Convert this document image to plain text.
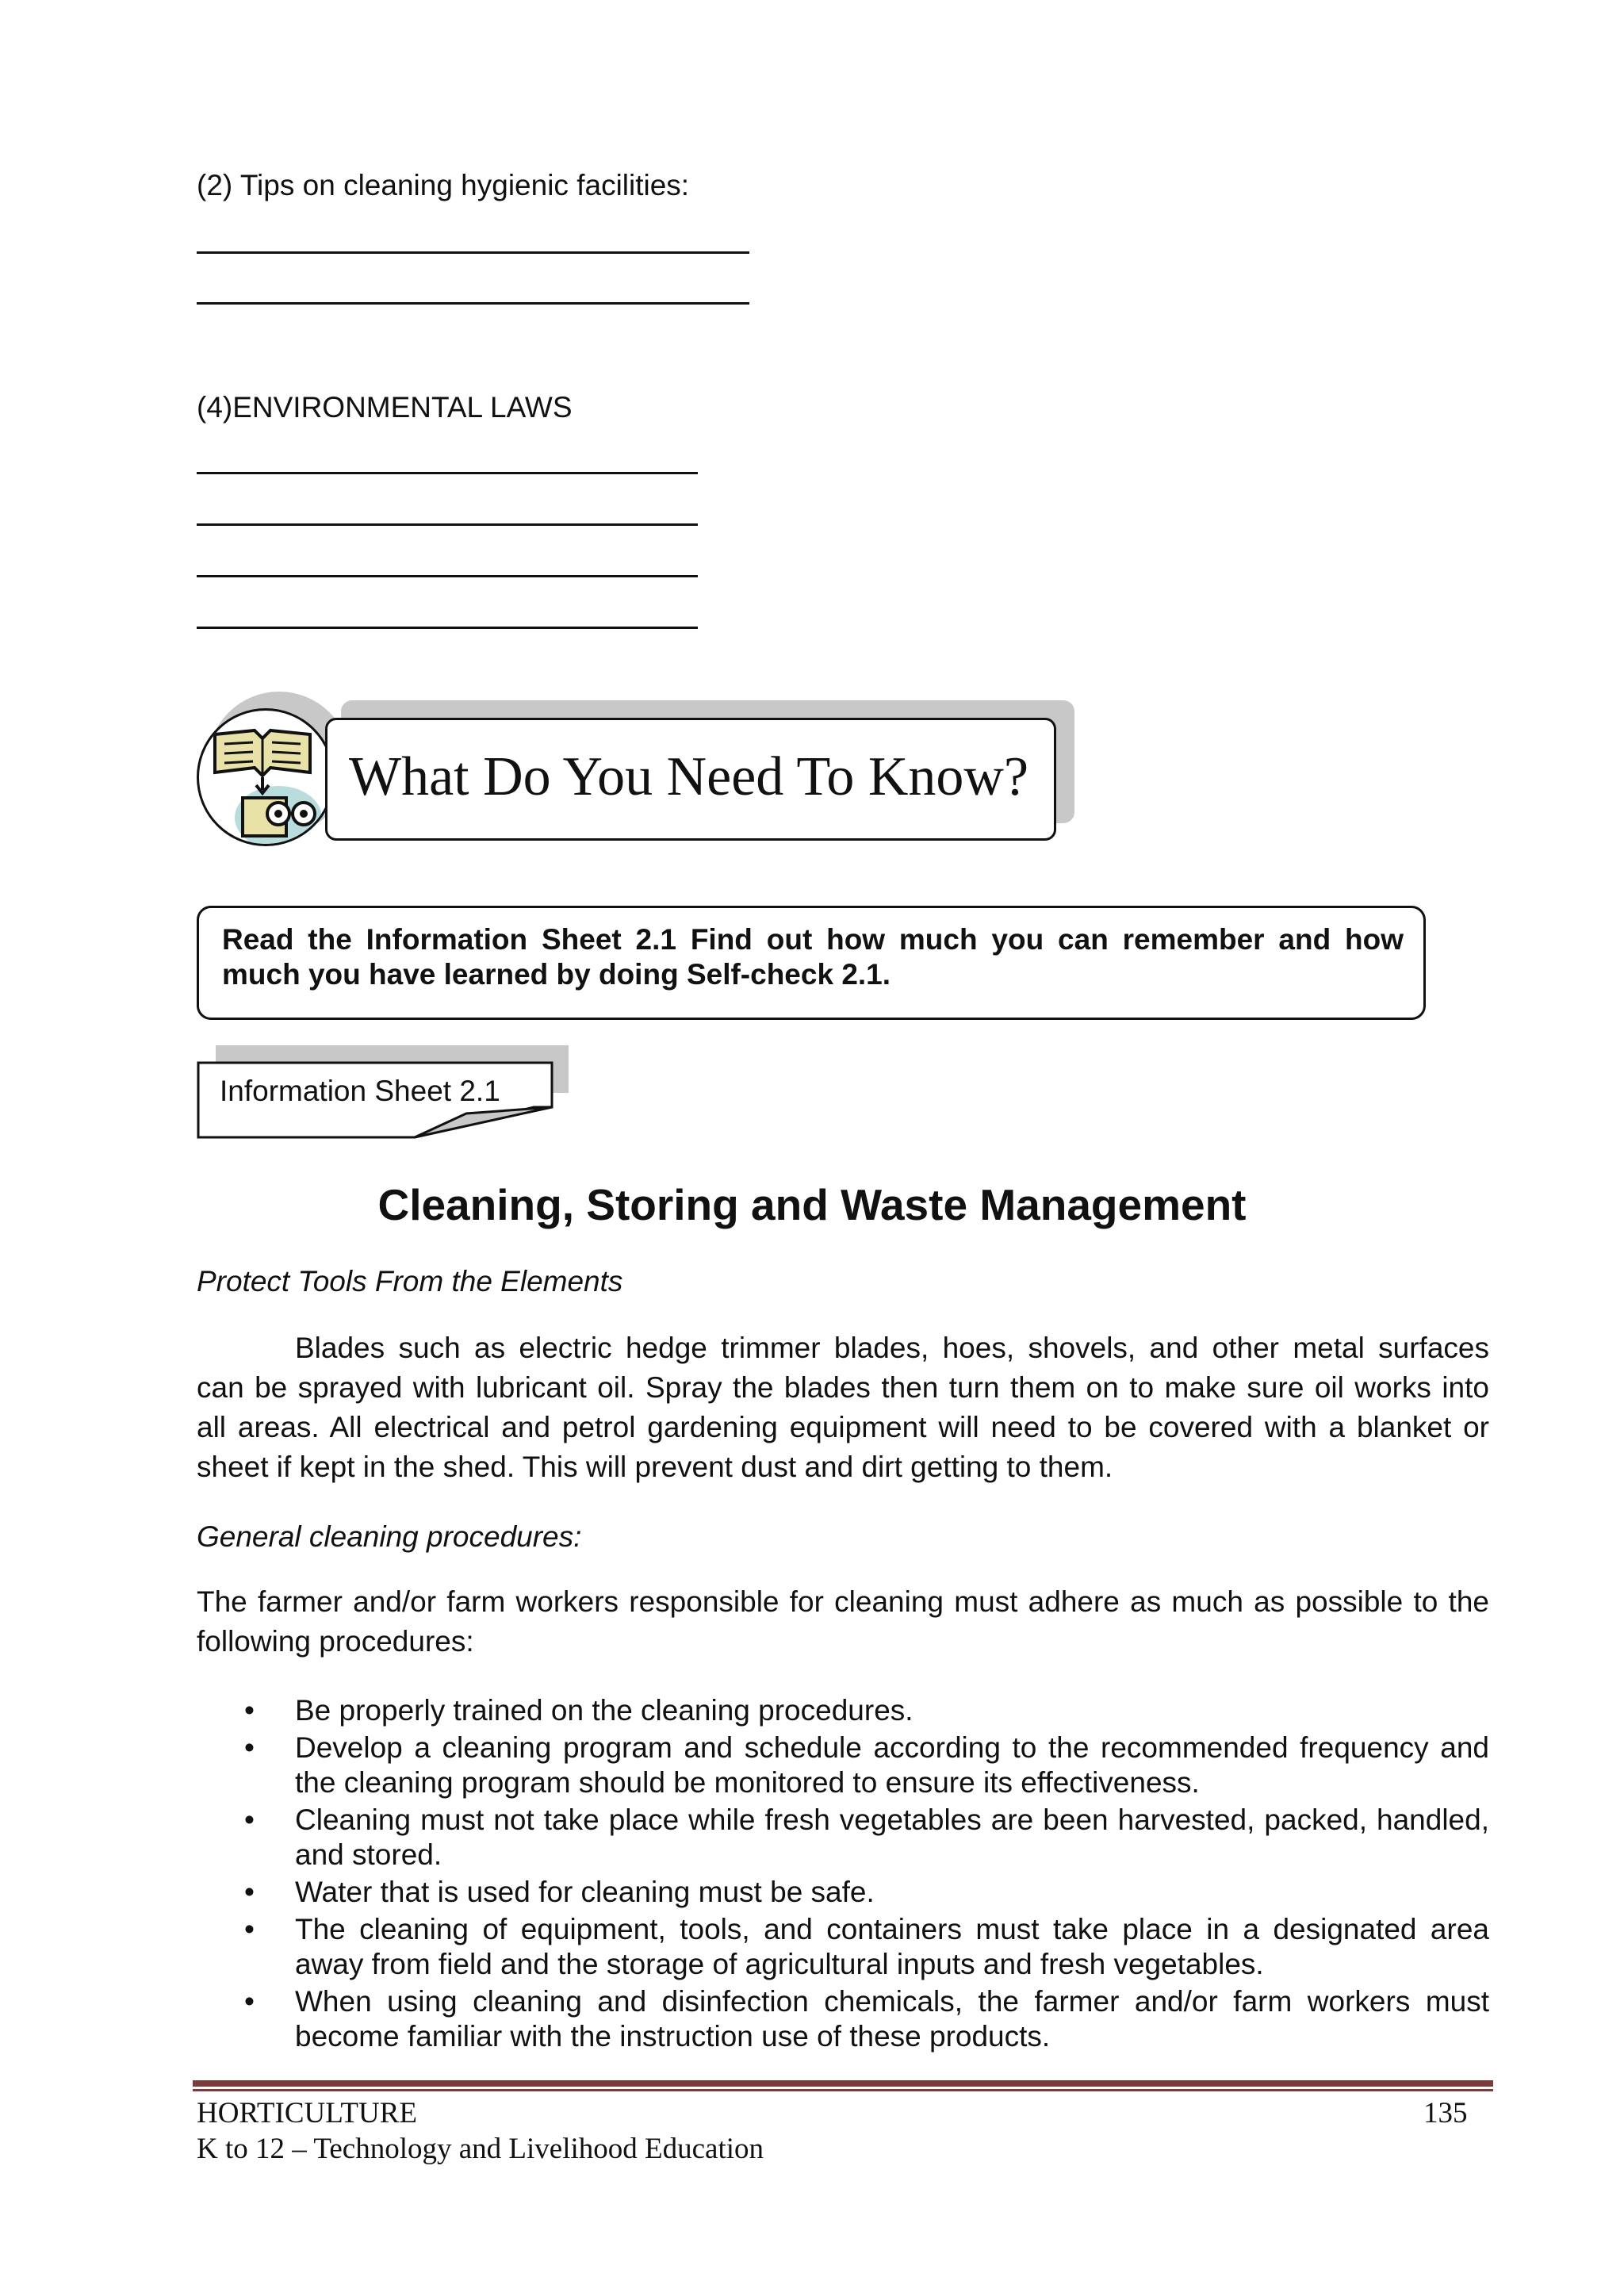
(2) Tips on cleaning hygienic facilities:
(4)ENVIRONMENTAL LAWS
What Do You Need To Know?
Read the Information Sheet 2.1 Find out how much you can remember and how
much you have learned by doing Self-check 2.1.
Information Sheet 2.1
Cleaning, Storing and Waste Management
Protect Tools From the Elements
Blades such as electric hedge trimmer blades, hoes, shovels, and other metal surfaces
can be sprayed with lubricant oil. Spray the blades then turn them on to make sure oil works into
all areas. All electrical and petrol gardening equipment will need to be covered with a blanket or
sheet if kept in the shed. This will prevent dust and dirt getting to them.
General cleaning procedures:
The farmer and/or farm workers responsible for cleaning must adhere as much as possible to the
following procedures:
• Be properly trained on the cleaning procedures.
• Develop a cleaning program and schedule according to the recommended frequency and the cleaning program should be monitored to ensure its effectiveness.
• Cleaning must not take place while fresh vegetables are been harvested, packed, handled, and stored.
• Water that is used for cleaning must be safe.
• The cleaning of equipment, tools, and containers must take place in a designated area away from field and the storage of agricultural inputs and fresh vegetables.
• When using cleaning and disinfection chemicals, the farmer and/or farm workers must become familiar with the instruction use of these products.
HORTICULTURE
K to 12 – Technology and Livelihood Education
135
